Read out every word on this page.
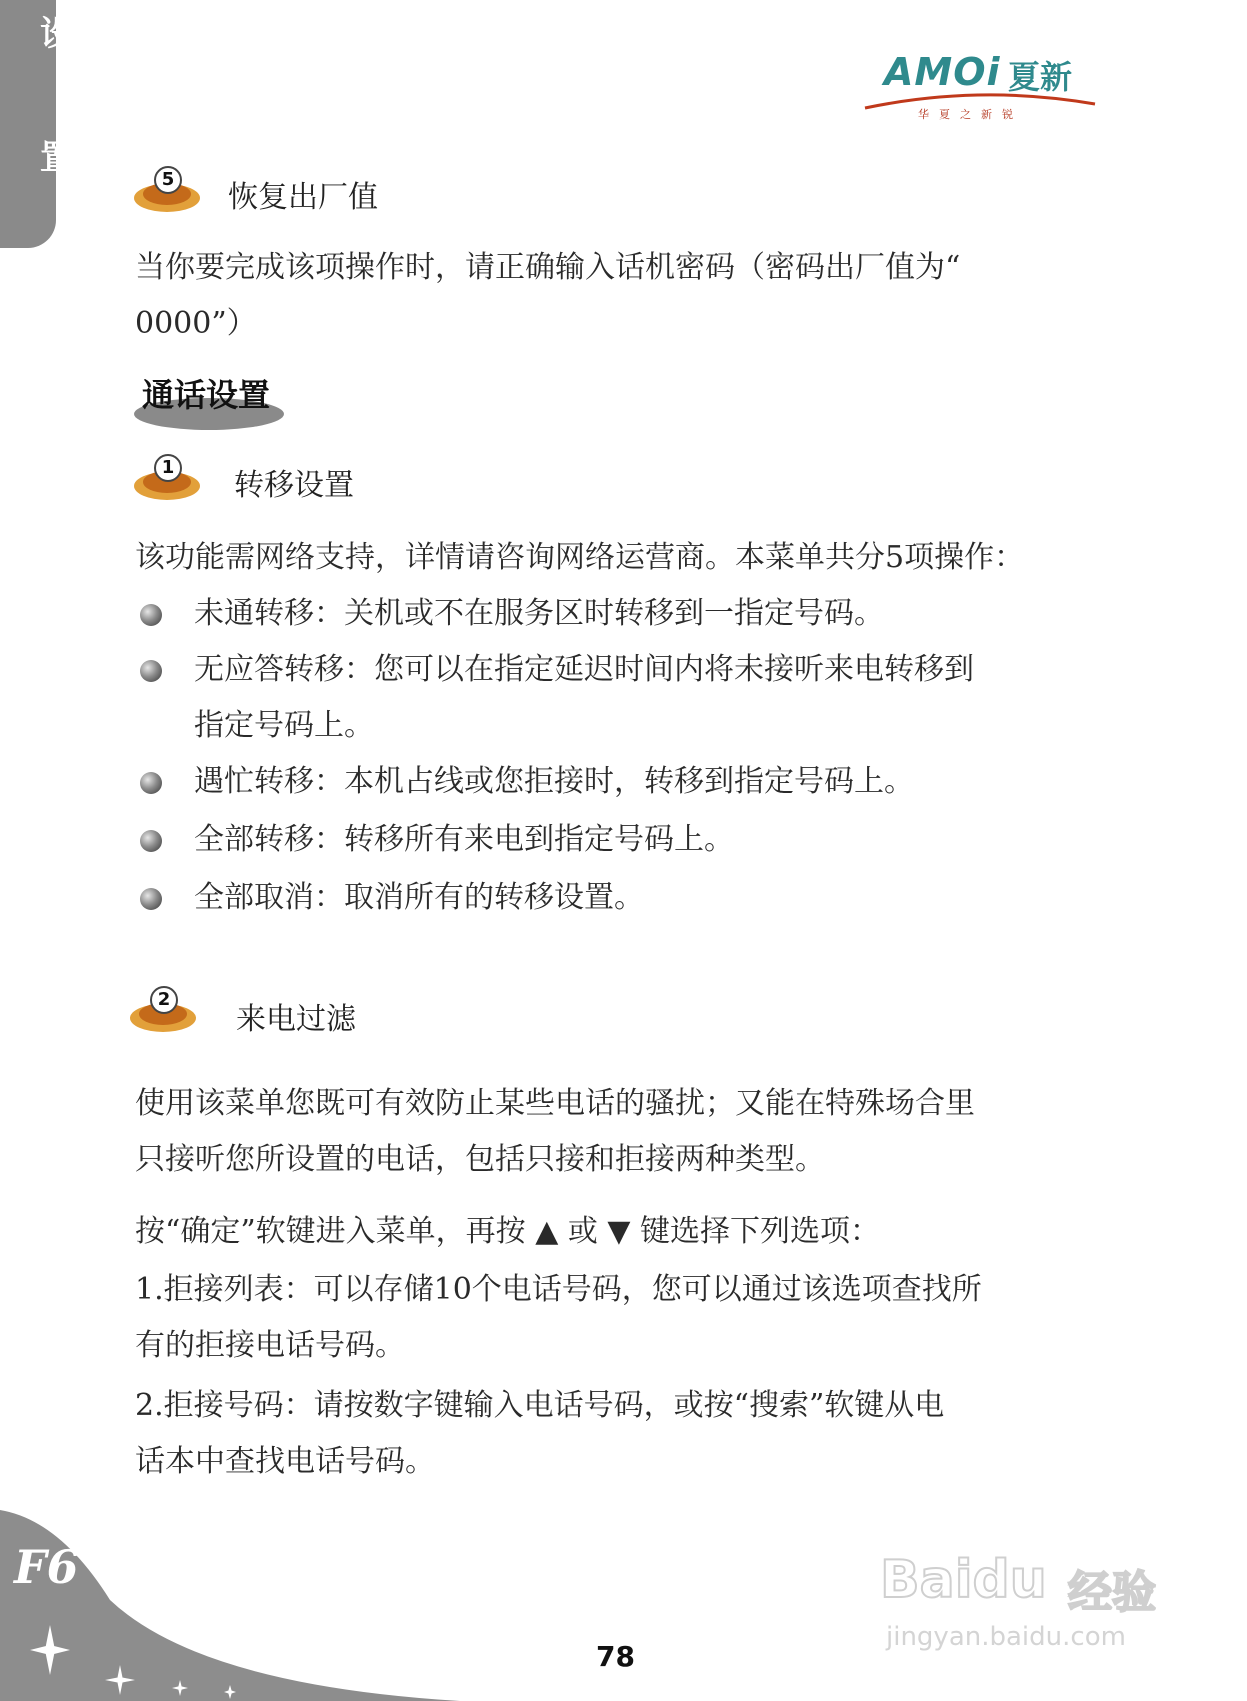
设
置
AMOi 夏新
华夏之新锐
5
恢复出厂值
当你要完成该项操作时，请正确输入话机密码（密码出厂值为“
0000”）
通话设置
1
转移设置
该功能需网络支持，详情请咨询网络运营商。本菜单共分5项操作：
未通转移：关机或不在服务区时转移到一指定号码。
无应答转移：您可以在指定延迟时间内将未接听来电转移到
指定号码上。
遇忙转移：本机占线或您拒接时，转移到指定号码上。
全部转移：转移所有来电到指定号码上。
全部取消：取消所有的转移设置。
2
来电过滤
使用该菜单您既可有效防止某些电话的骚扰；又能在特殊场合里
只接听您所设置的电话，包括只接和拒接两种类型。
按“确定”软键进入菜单，再按 ▲ 或 ▼ 键选择下列选项：
1.拒接列表：可以存储10个电话号码，您可以通过该选项查找所
有的拒接电话号码。
2.拒接号码：请按数字键输入电话号码，或按“搜索”软键从电
话本中查找电话号码。
F6
78
Baidu 经验
jingyan.baidu.com
